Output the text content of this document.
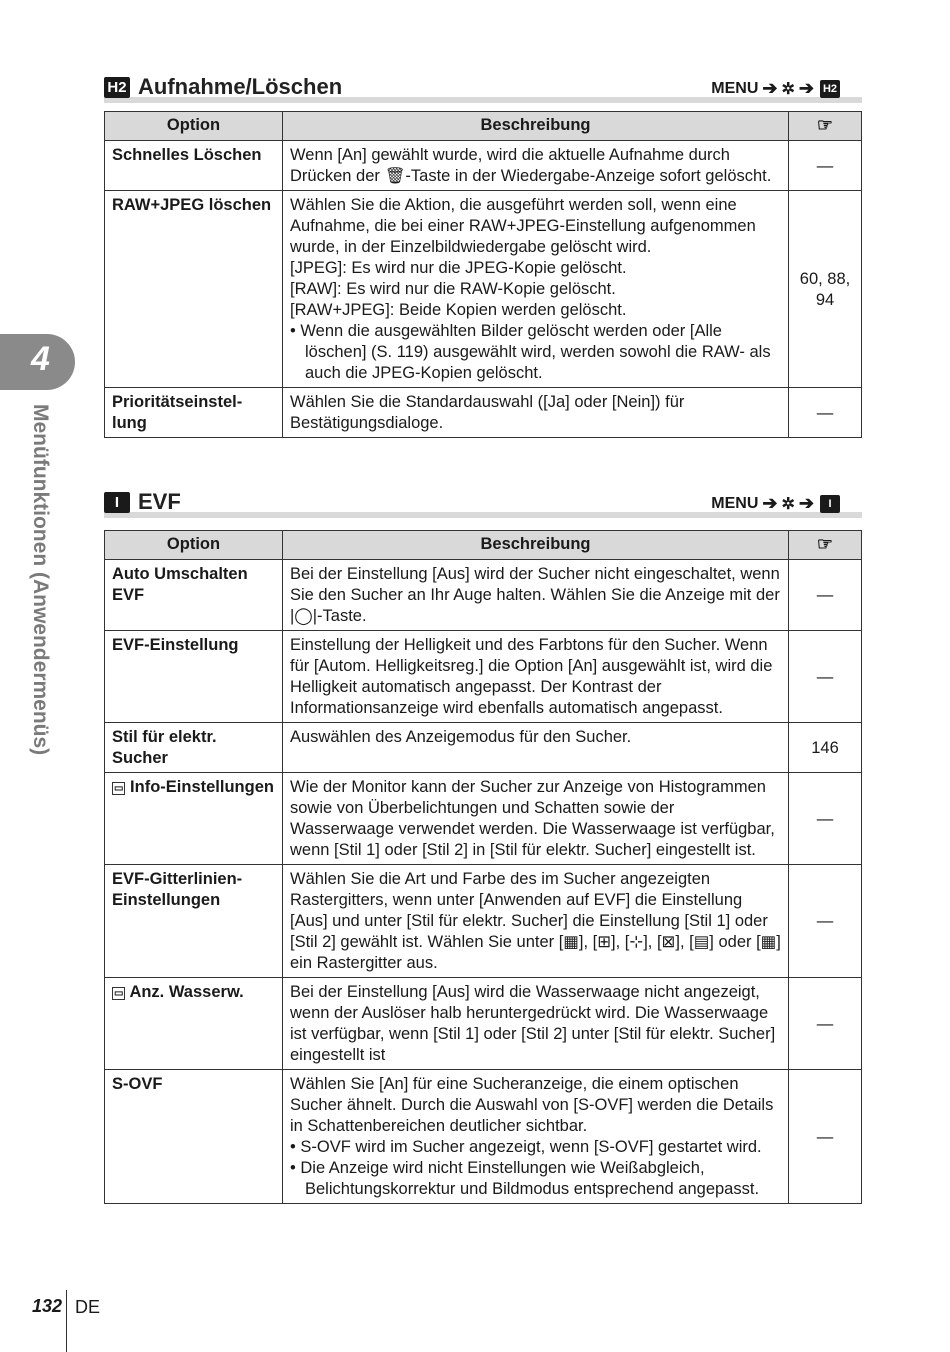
H2 Aufnahme/Löschen	MENU ➔ ✲ ➔ H2
Option	Beschreibung	☞
Schnelles Löschen	Wenn [An] gewählt wurde, wird die aktuelle Aufnahme durch Drücken der 🗑-Taste in der Wiedergabe-Anzeige sofort gelöscht.	—
RAW+JPEG löschen	Wählen Sie die Aktion, die ausgeführt werden soll, wenn eine Aufnahme, die bei einer RAW+JPEG-Einstellung aufgenommen wurde, in der Einzelbildwiedergabe gelöscht wird.
[JPEG]: Es wird nur die JPEG-Kopie gelöscht.
[RAW]: Es wird nur die RAW-Kopie gelöscht.
[RAW+JPEG]: Beide Kopien werden gelöscht.
• Wenn die ausgewählten Bilder gelöscht werden oder [Alle löschen] (S. 119) ausgewählt wird, werden sowohl die RAW- als auch die JPEG-Kopien gelöscht.	60, 88, 94
Prioritätseinstel-lung	Wählen Sie die Standardauswahl ([Ja] oder [Nein]) für Bestätigungsdialoge.	—
I EVF	MENU ➔ ✲ ➔	I
Option	Beschreibung	☞
Auto Umschalten EVF	Bei der Einstellung [Aus] wird der Sucher nicht eingeschaltet, wenn Sie den Sucher an Ihr Auge halten. Wählen Sie die Anzeige mit der |◯|-Taste.	—
EVF-Einstellung	Einstellung der Helligkeit und des Farbtons für den Sucher. Wenn für [Autom. Helligkeitsreg.] die Option [An] ausgewählt ist, wird die Helligkeit automatisch angepasst. Der Kontrast der Informationsanzeige wird ebenfalls automatisch angepasst.	—
Stil für elektr. Sucher	Auswählen des Anzeigemodus für den Sucher.	146
▭ Info-Einstellungen	Wie der Monitor kann der Sucher zur Anzeige von Histogrammen sowie von Überbelichtungen und Schatten sowie der Wasserwaage verwendet werden. Die Wasserwaage ist verfügbar, wenn [Stil 1] oder [Stil 2] in [Stil für elektr. Sucher] eingestellt ist.	—
EVF-Gitterlinien-Einstellungen	Wählen Sie die Art und Farbe des im Sucher angezeigten Rastergitters, wenn unter [Anwenden auf EVF] die Einstellung [Aus] und unter [Stil für elektr. Sucher] die Einstellung [Stil 1] oder [Stil 2] gewählt ist. Wählen Sie unter [▦], [⊞], [⊹], [⊠], [▤] oder [▦] ein Rastergitter aus.	—
▭ Anz. Wasserw.	Bei der Einstellung [Aus] wird die Wasserwaage nicht angezeigt, wenn der Auslöser halb heruntergedrückt wird. Die Wasserwaage ist verfügbar, wenn [Stil 1] oder [Stil 2] unter [Stil für elektr. Sucher] eingestellt ist	—
S-OVF	Wählen Sie [An] für eine Sucheranzeige, die einem optischen Sucher ähnelt. Durch die Auswahl von [S-OVF] werden die Details in Schattenbereichen deutlicher sichtbar.
• S-OVF wird im Sucher angezeigt, wenn [S-OVF] gestartet wird.
• Die Anzeige wird nicht Einstellungen wie Weißabgleich, Belichtungskorrektur und Bildmodus entsprechend angepasst.	—
4
Menüfunktionen (Anwendermenüs)
132 DE
